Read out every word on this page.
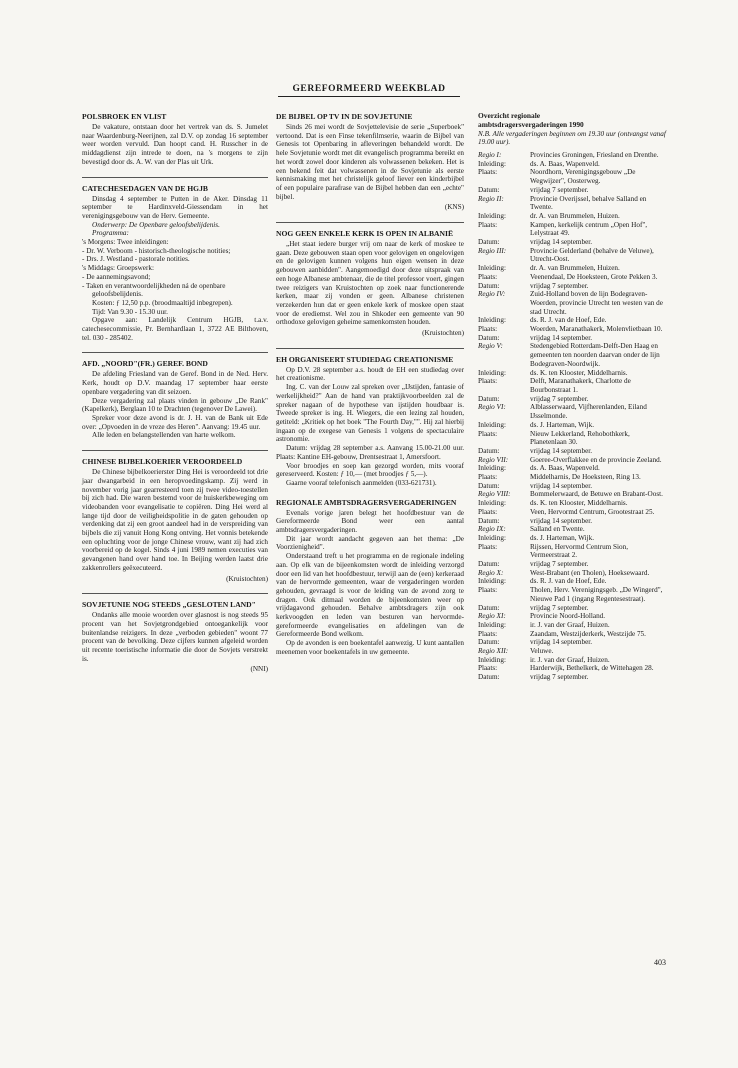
GEREFORMEERD WEEKBLAD
POLSBROEK EN VLIST

De vakature, ontstaan door het vertrek van ds. S. Jumelet naar Waardenburg-Neerijnen, zal D.V. op zondag 16 september weer worden vervuld. Dan hoopt cand. H. Russcher in de middagdienst zijn intrede te doen, na 's morgens te zijn bevestigd door ds. A. W. van der Plas uit Urk.

CATECHESEDAGEN VAN DE HGJB

Dinsdag 4 september te Putten in de Aker. Dinsdag 11 september te Hardinxveld-Giessendam in het verenigingsgebouw van de Herv. Gemeente.

Onderwerp: De Openbare geloofsbelijdenis.

Programma:

's Morgens: Twee inleidingen:

- Dr. W. Verboom - historisch-theologische notities;
- Drs. J. Westland - pastorale notities.

's Middags: Groepswerk:

- De aannemingsavond;
- Taken en verantwoordelijkheden ná de openbare geloofsbelijdenis.

Kosten: ƒ 12,50 p.p. (broodmaaltijd inbegrepen).

Tijd: Van 9.30 - 15.30 uur.

Opgave aan: Landelijk Centrum HGJB, t.a.v. catechesecommissie, Pr. Bernhardlaan 1, 3722 AE Bilthoven, tel. 030 - 285402.

AFD. „NOORD"(FR.) GEREF. BOND

De afdeling Friesland van de Geref. Bond in de Ned. Herv. Kerk, houdt op D.V. maandag 17 september haar eerste openbare vergadering van dit seizoen.

Deze vergadering zal plaats vinden in gebouw „De Rank" (Kapelkerk), Berglaan 10 te Drachten (tegenover De Lawei).

Spreker voor deze avond is dr. J. H. van de Bank uit Ede over: „Opvoeden in de vreze des Heren". Aanvang: 19.45 uur.

Alle leden en belangstellenden van harte welkom.

CHINESE BIJBELKOERIER VEROORDEELD

De Chinese bijbelkoerierster Ding Hei is veroordeeld tot drie jaar dwangarbeid in een heropvoedingskamp. Zij werd in november vorig jaar gearresteerd toen zij twee video-toestellen bij zich had. Die waren bestemd voor de huiskerkbeweging om videobanden voor evangelisatie te copiëren. Ding Hei werd al lange tijd door de veiligheidspolitie in de gaten gehouden op verdenking dat zij een groot aandeel had in de verspreiding van bijbels die zij vanuit Hong Kong ontving. Het vonnis betekende een opluchting voor de jonge Chinese vrouw, want zij had zich voorbereid op de kogel. Sinds 4 juni 1989 nemen executies van gevangenen hand over hand toe. In Beijing werden laatst drie zakkenrollers geëxecuteerd.

(Kruistochten)
SOVJETUNIE NOG STEEDS „GESLOTEN LAND"

Ondanks alle mooie woorden over glasnost is nog steeds 95 procent van het Sovjetgrondgebied ontoegankelijk voor buitenlandse reizigers. In deze „verboden gebieden" woont 77 procent van de bevolking. Deze cijfers kunnen afgeleid worden uit recente toeristische informatie die door de Sovjets verstrekt is.

(NNI)
DE BIJBEL OP TV IN DE SOVJETUNIE

Sinds 26 mei wordt de Sovjettelevisie de serie „Superboek" vertoond. Dat is een Finse tekenfilmserie, waarin de Bijbel van Genesis tot Openbaring in afleveringen behandeld wordt. De hele Sovjetunie wordt met dit evangelisch programma bereikt en het wordt zowel door kinderen als volwassenen bekeken. Het is een bekend feit dat volwassenen in de Sovjetunie als eerste kennismaking met het christelijk geloof liever een kinderbijbel of een populaire parafrase van de Bijbel hebben dan een „echte" bijbel.

(KNS)
NOG GEEN ENKELE KERK IS OPEN IN ALBANIË

„Het staat iedere burger vrij om naar de kerk of moskee te gaan. Deze gebouwen staan open voor gelovigen en ongelovigen en de gelovigen kunnen volgens hun eigen wensen in deze gebouwen aanbidden". Aangemoedigd door deze uitspraak van een hoge Albanese ambtenaar, die de titel professor voert, gingen twee reizigers van Kruistochten op zoek naar functionerende kerken, maar zij vonden er geen. Albanese christenen verzekerden hun dat er geen enkele kerk of moskee open staat voor de erediemst. Wel zou in Shkoder een gemeente van 90 orthodoxe gelovigen geheime samenkomsten houden.

(Kruistochten)
EH ORGANISEERT STUDIEDAG CREATIONISME

Op D.V. 28 september a.s. houdt de EH een studiedag over het creationisme.

Ing. C. van der Louw zal spreken over „IJstijden, fantasie of werkelijkheid?" Aan de hand van praktijkvoorbeelden zal de spreker nagaan of de hypothese van ijstijden houdbaar is. Tweede spreker is ing. H. Wiegers, die een lezing zal houden, getiteld: „Kritiek op het boek "The Fourth Day,"". Hij zal hierbij ingaan op de exegese van Genesis 1 volgens de spectaculaire astronomie.

Datum: vrijdag 28 september a.s. Aanvang 15.00-21.00 uur. Plaats: Kantine EH-gebouw, Drentsestraat 1, Amersfoort.

Voor broodjes en soep kan gezorgd worden, mits vooraf gereserveerd. Kosten: ƒ 10,— (met broodjes ƒ 5,—).

Gaarne vooraf telefonisch aanmelden (033-621731).

REGIONALE AMBTSDRAGERSVERGADERINGEN

Evenals vorige jaren belegt het hoofdbestuur van de Gereformeerde Bond weer een aantal ambtsdragersvergaderingen.

Dit jaar wordt aandacht gegeven aan het thema: „De Voorzienigheid".

Onderstaand treft u het programma en de regionale indeling aan. Op elk van de bijeenkomsten wordt de inleiding verzorgd door een lid van het hoofdbestuur, terwijl aan de (een) kerkeraad van de hervormde gemeenten, waar de vergaderingen worden gehouden, gevraagd is voor de leiding van de avond zorg te dragen. Ook ditmaal worden de bijeenkomsten weer op vrijdagavond gehouden. Behalve ambtsdragers zijn ook kerkvoogden en leden van besturen van hervormde-gereformeerde evangelisaties en afdelingen van de Gereformeerde Bond welkom.

Op de avonden is een boekentafel aanwezig. U kunt aantallen meenemen voor boekentafels in uw gemeente.

Overzicht regionale
ambtsdragersvergaderingen 1990
N.B. Alle vergaderingen beginnen om 19.30 uur (ontvangst vanaf 19.00 uur).
Regio I:	Provincies Groningen, Friesland en Drenthe.
Inleiding:	ds. A. Baas, Wapenveld.
Plaats:	Noordhorn, Verenigingsgebouw „De Wegwijzer", Oosterweg.
Datum:	vrijdag 7 september.
Regio II:	Provincie Overijssel, behalve Salland en Twente.
Inleiding:	dr. A. van Brummelen, Huizen.
Plaats:	Kampen, kerkelijk centrum „Open Hof", Lelystraat 49.
Datum:	vrijdag 14 september.
Regio III:	Provincie Gelderland (behalve de Veluwe), Utrecht-Oost.
Inleiding:	dr. A. van Brummelen, Huizen.
Plaats:	Veenendaal, De Hoeksteen, Grote Pekken 3.
Datum:	vrijdag 7 september.
Regio IV:	Zuid-Holland boven de lijn Bodegraven-Woerden, provincie Utrecht ten westen van de stad Utrecht.
Inleiding:	ds. R. J. van de Hoef, Ede.
Plaats:	Woerden, Maranathakerk, Molenvlietbaan 10.
Datum:	vrijdag 14 september.
Regio V:	Stedengebied Rotterdam-Delft-Den Haag en gemeenten ten noorden daarvan onder de lijn Bodegraven-Noordwijk.
Inleiding:	ds. K. ten Klooster, Middelharnis.
Plaats:	Delft, Maranathakerk, Charlotte de Bourbonstraat 1.
Datum:	vrijdag 7 september.
Regio VI:	Alblasserwaard, Vijfherenlanden, Eiland IJsselmonde.
Inleiding:	ds. J. Harteman, Wijk.
Plaats:	Nieuw Lekkerland, Rehobothkerk, Planetenlaan 30.
Datum:	vrijdag 14 september.
Regio VII:	Goeree-Overflakkee en de provincie Zeeland.
Inleiding:	ds. A. Baas, Wapenveld.
Plaats:	Middelharnis, De Hoeksteen, Ring 13.
Datum:	vrijdag 14 september.
Regio VIII:	Bommelerwaard, de Betuwe en Brabant-Oost.
Inleiding:	ds. K. ten Klooster, Middelharnis.
Plaats:	Veen, Hervormd Centrum, Grootestraat 25.
Datum:	vrijdag 14 september.
Regio IX:	Salland en Twente.
Inleiding:	ds. J. Harteman, Wijk.
Plaats:	Rijssen, Hervormd Centrum Sion, Vermeerstraat 2.
Datum:	vrijdag 7 september.
Regio X:	West-Brabant (en Tholen), Hoeksewaard.
Inleiding:	ds. R. J. van de Hoef, Ede.
Plaats:	Tholen, Herv. Verenigingsgeb. „De Wingerd", Nieuwe Pad 1 (ingang Regentesestraat).
Datum:	vrijdag 7 september.
Regio XI:	Provincie Noord-Holland.
Inleiding:	ir. J. van der Graaf, Huizen.
Plaats:	Zaandam, Westzijderkerk, Westzijde 75.
Datum:	vrijdag 14 september.
Regio XII:	Veluwe.
Inleiding:	ir. J. van der Graaf, Huizen.
Plaats:	Harderwijk, Bethelkerk, de Wittehagen 28.
Datum:	vrijdag 7 september.
403
